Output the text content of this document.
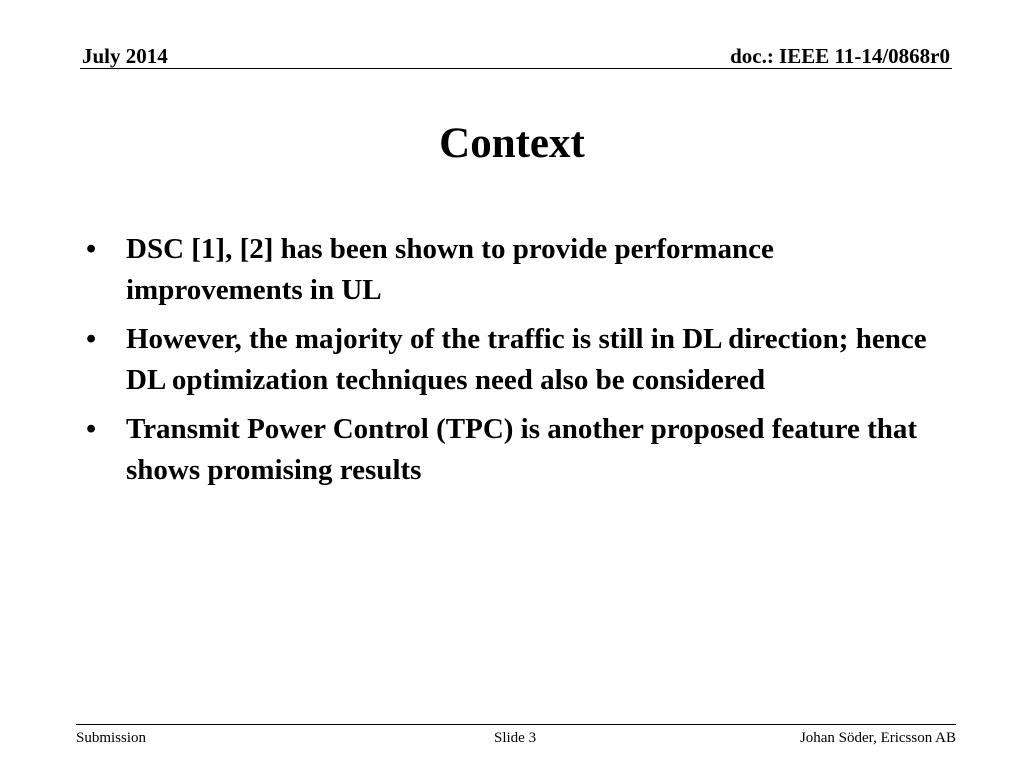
July 2014	doc.: IEEE 11-14/0868r0
Context
• DSC [1], [2] has been shown to provide performance improvements in UL
• However, the majority of the traffic is still in DL direction; hence DL optimization techniques need also be considered
• Transmit Power Control (TPC) is another proposed feature that shows promising results
Submission	Slide 3	Johan Söder, Ericsson AB
